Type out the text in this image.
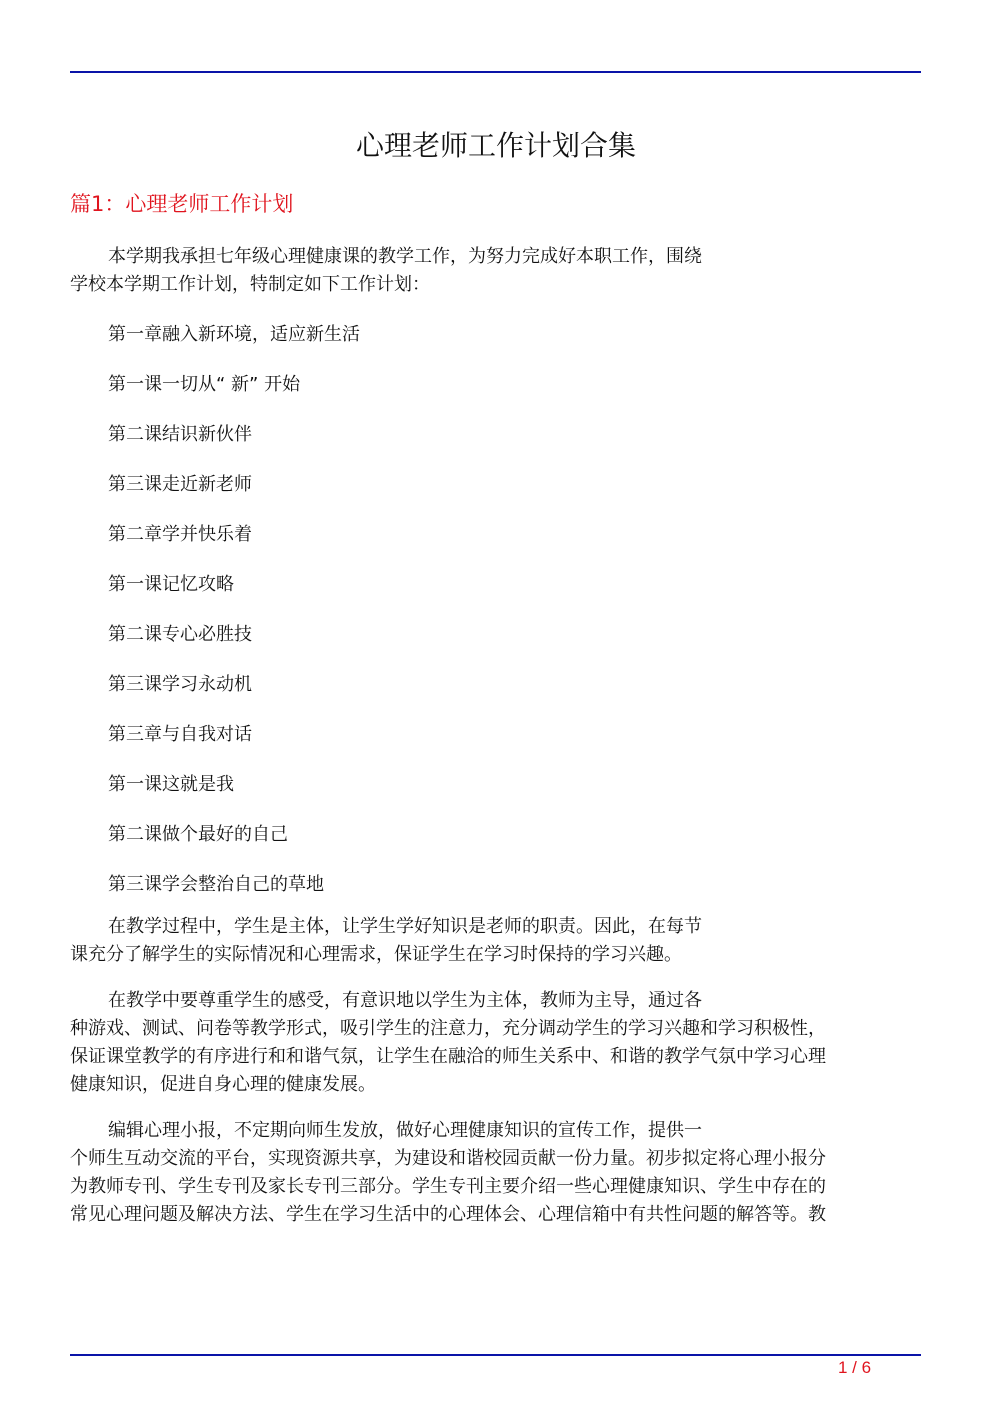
心理老师工作计划合集
篇1：心理老师工作计划

本学期我承担七年级心理健康课的教学工作，为努力完成好本职工作，围绕
学校本学期工作计划，特制定如下工作计划：

第一章融入新环境，适应新生活

第一课一切从“ 新” 开始

第二课结识新伙伴

第三课走近新老师

第二章学并快乐着

第一课记忆攻略

第二课专心必胜技

第三课学习永动机

第三章与自我对话

第一课这就是我

第二课做个最好的自己

第三课学会整治自己的草地

在教学过程中，学生是主体，让学生学好知识是老师的职责。因此，在每节
课充分了解学生的实际情况和心理需求，保证学生在学习时保持的学习兴趣。

在教学中要尊重学生的感受，有意识地以学生为主体，教师为主导，通过各
种游戏、测试、问卷等教学形式，吸引学生的注意力，充分调动学生的学习兴趣和学习积极性，
保证课堂教学的有序进行和和谐气氛，让学生在融洽的师生关系中、和谐的教学气氛中学习心理
健康知识，促进自身心理的健康发展。

编辑心理小报，不定期向师生发放，做好心理健康知识的宣传工作，提供一
个师生互动交流的平台，实现资源共享，为建设和谐校园贡献一份力量。初步拟定将心理小报分
为教师专刊、学生专刊及家长专刊三部分。学生专刊主要介绍一些心理健康知识、学生中存在的
常见心理问题及解决方法、学生在学习生活中的心理体会、心理信箱中有共性问题的解答等。教

1 / 6
